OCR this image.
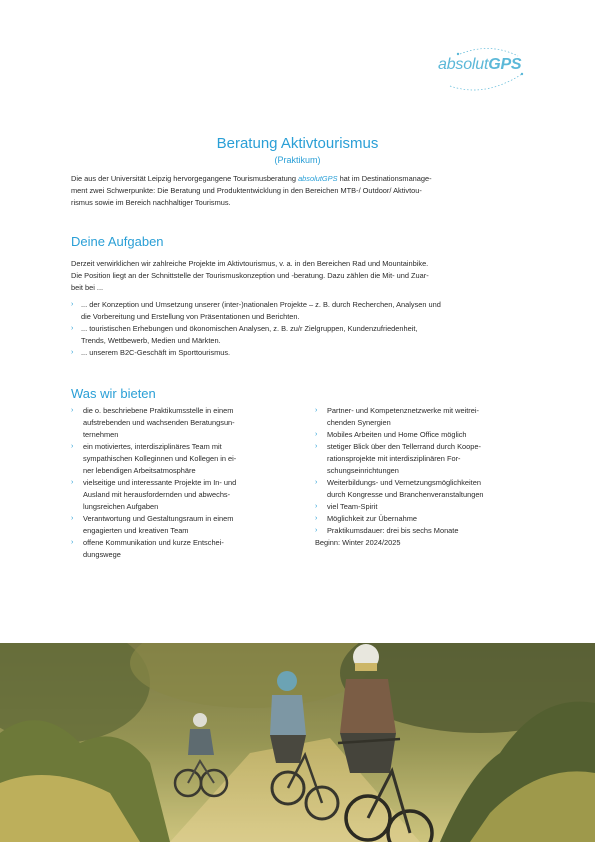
absolutGPS
Beratung Aktivtourismus
(Praktikum)
Die aus der Universität Leipzig hervorgegangene Tourismusberatung absolutGPS hat im Destinationsmanage-
ment zwei Schwerpunkte: Die Beratung und Produktentwicklung in den Bereichen MTB-/ Outdoor/ Aktivtou-
rismus sowie im Bereich nachhaltiger Tourismus.
Deine Aufgaben
Derzeit verwirklichen wir zahlreiche Projekte im Aktivtourismus, v. a. in den Bereichen Rad und Mountainbike.
Die Position liegt an der Schnittstelle der Tourismuskonzeption und -beratung. Dazu zählen die Mit- und Zuar-
beit bei ...
› ... der Konzeption und Umsetzung unserer (inter-)nationalen Projekte – z. B. durch Recherchen, Analysen und
die Vorbereitung und Erstellung von Präsentationen und Berichten.
› ... touristischen Erhebungen und ökonomischen Analysen, z. B. zu/r Zielgruppen, Kundenzufriedenheit,
Trends, Wettbewerb, Medien und Märkten.
› ... unserem B2C-Geschäft im Sporttourismus.
Was wir bieten
› die o. beschriebene Praktikumsstelle in einem
aufstrebenden und wachsenden Beratungsun-
ternehmen
› ein motiviertes, interdisziplinäres Team mit
sympathischen Kolleginnen und Kollegen in ei-
ner lebendigen Arbeitsatmosphäre
› vielseitige und interessante Projekte im In- und
Ausland mit herausfordernden und abwechs-
lungsreichen Aufgaben
› Verantwortung und Gestaltungsraum in einem
engagierten und kreativen Team
› offene Kommunikation und kurze Entschei-
dungswege
› Partner- und Kompetenznetzwerke mit weitrei-
chenden Synergien
› Mobiles Arbeiten und Home Office möglich
› stetiger Blick über den Tellerrand durch Koope-
rationsprojekte mit interdisziplinären For-
schungseinrichtungen
› Weiterbildungs- und Vernetzungsmöglichkeiten
durch Kongresse und Branchenveranstaltungen
› viel Team-Spirit
› Möglichkeit zur Übernahme
› Praktikumsdauer: drei bis sechs Monate
Beginn: Winter 2024/2025
